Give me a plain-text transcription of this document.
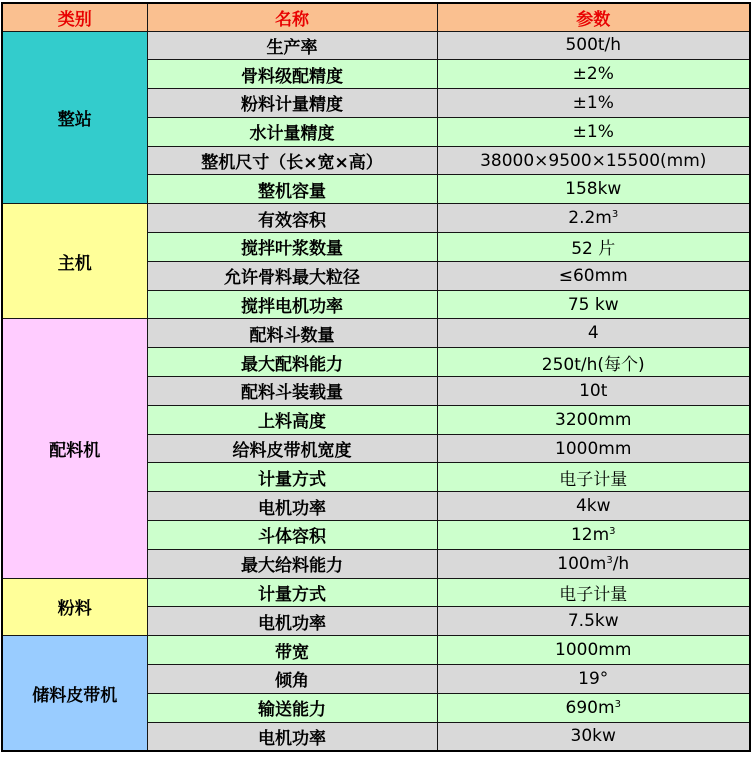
类别	名称	参数
整站	生产率	500t/h
	骨料级配精度	±2%
	粉料计量精度	±1%
	水计量精度	±1%
	整机尺寸（长×宽×高）	38000×9500×15500(mm)
	整机容量	158kw
主机	有效容积	$2.2m^3$
	搅拌叶浆数量	52 片
	允许骨料最大粒径	≤60mm
	搅拌电机功率	75 kw
配料机	配料斗数量	4
	最大配料能力	250t/h(每个)
	配料斗装载量	10t
	上料高度	3200mm
	给料皮带机宽度	1000mm
	计量方式	电子计量
	电机功率	4kw
	斗体容积	$12m^3$
	最大给料能力	$100m^3/h$
粉料	计量方式	电子计量
	电机功率	7.5kw
储料皮带机	带宽	1000mm
	倾角	19°
	输送能力	$690m^3$
	电机功率	30kw
